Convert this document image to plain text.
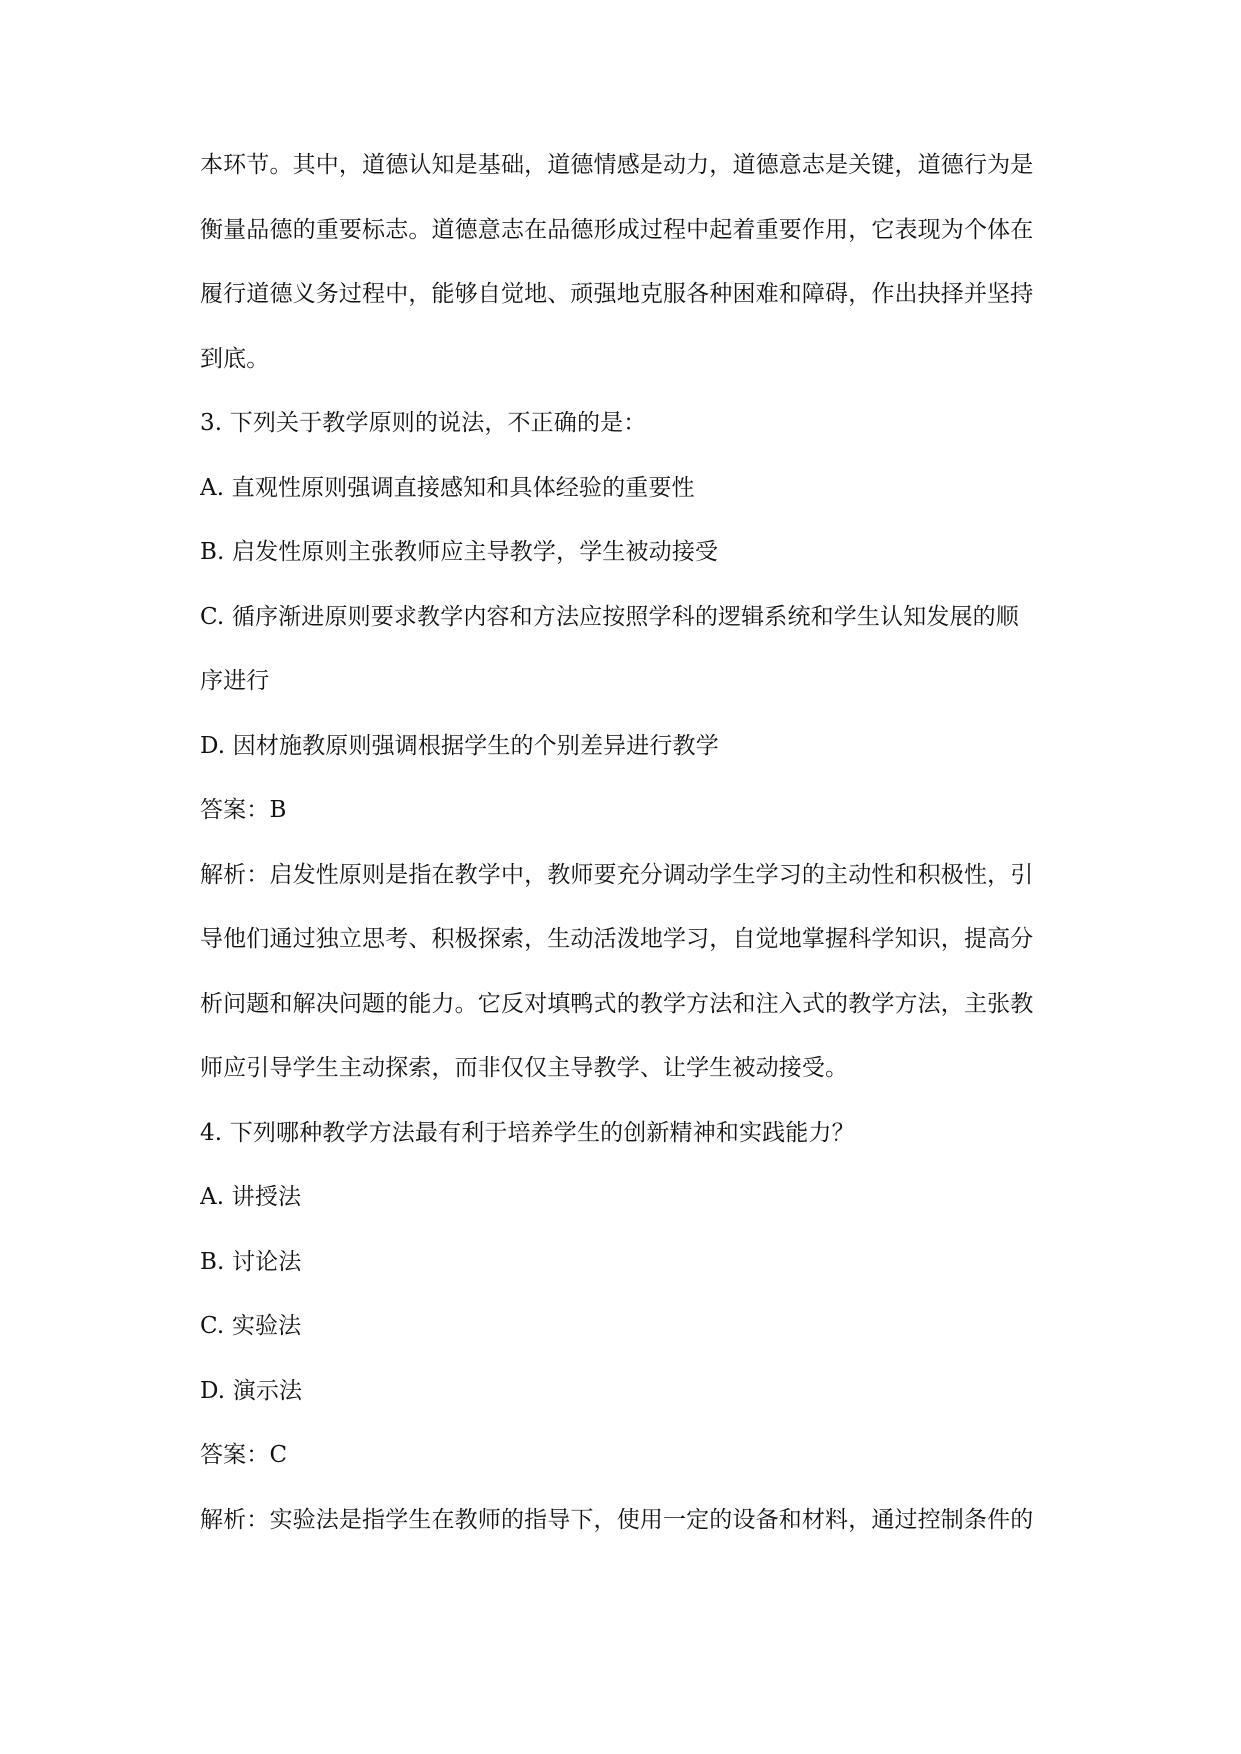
本环节。其中，道德认知是基础，道德情感是动力，道德意志是关键，道德行为是
衡量品德的重要标志。道德意志在品德形成过程中起着重要作用，它表现为个体在
履行道德义务过程中，能够自觉地、顽强地克服各种困难和障碍，作出抉择并坚持
到底。
3. 下列关于教学原则的说法，不正确的是：
A. 直观性原则强调直接感知和具体经验的重要性
B. 启发性原则主张教师应主导教学，学生被动接受
C. 循序渐进原则要求教学内容和方法应按照学科的逻辑系统和学生认知发展的顺
序进行
D. 因材施教原则强调根据学生的个别差异进行教学
答案：B
解析：启发性原则是指在教学中，教师要充分调动学生学习的主动性和积极性，引
导他们通过独立思考、积极探索，生动活泼地学习，自觉地掌握科学知识，提高分
析问题和解决问题的能力。它反对填鸭式的教学方法和注入式的教学方法，主张教
师应引导学生主动探索，而非仅仅主导教学、让学生被动接受。
4. 下列哪种教学方法最有利于培养学生的创新精神和实践能力？
A. 讲授法
B. 讨论法
C. 实验法
D. 演示法
答案：C
解析：实验法是指学生在教师的指导下，使用一定的设备和材料，通过控制条件的
